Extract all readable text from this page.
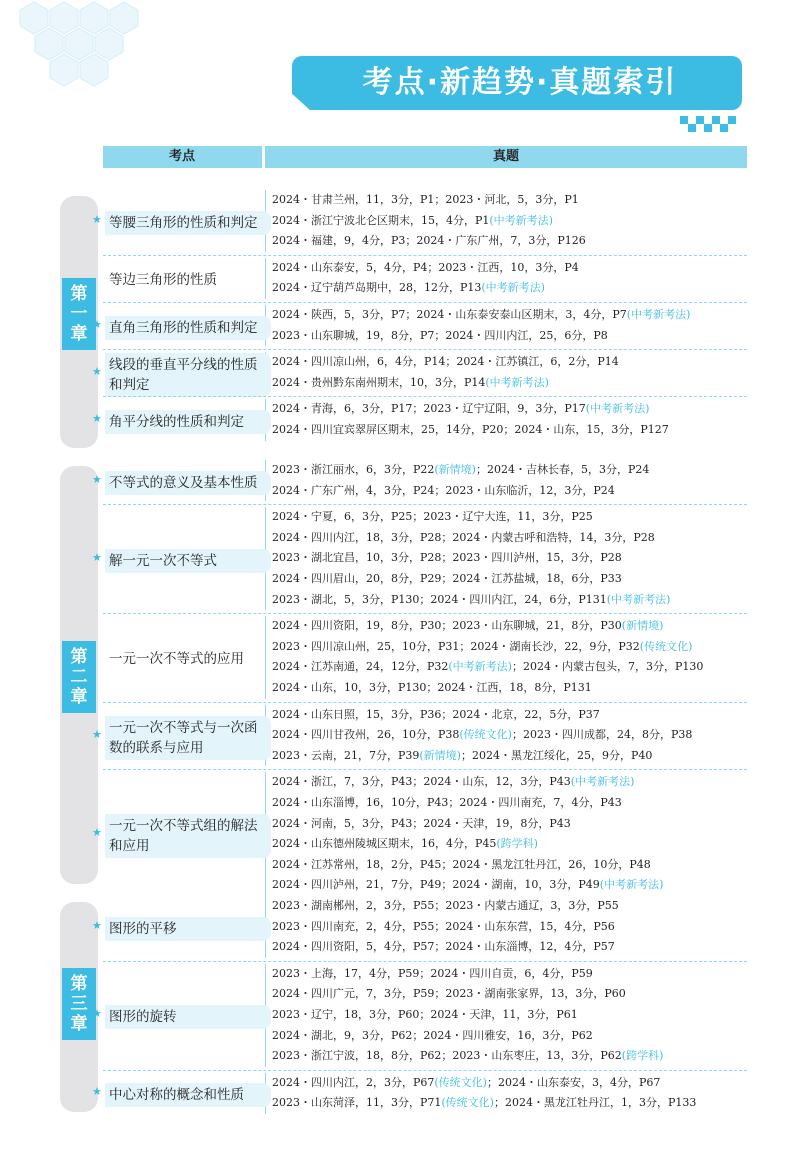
考点·新趋势·真题索引
考点	真题
第
一
章
等腰三角形的性质和判定
★
2024・甘肃兰州，11，3分，P1；2023・河北，5，3分，P1
2024・浙江宁波北仑区期末，15，4分，P1(中考新考法)
2024・福建，9，4分，P3；2024・广东广州，7，3分，P126
等边三角形的性质
2024・山东泰安，5，4分，P4；2023・江西，10，3分，P4
2024・辽宁葫芦岛期中，28，12分，P13(中考新考法)
直角三角形的性质和判定
★
2024・陕西，5，3分，P7；2024・山东泰安泰山区期末，3，4分，P7(中考新考法)
2023・山东聊城，19，8分，P7；2024・四川内江，25，6分，P8
线段的垂直平分线的性质和判定
★
2024・四川凉山州，6，4分，P14；2024・江苏镇江，6，2分，P14
2024・贵州黔东南州期末，10，3分，P14(中考新考法)
角平分线的性质和判定
★
2024・青海，6，3分，P17；2023・辽宁辽阳，9，3分，P17(中考新考法)
2024・四川宜宾翠屏区期末，25，14分，P20；2024・山东，15，3分，P127
第
二
章
不等式的意义及基本性质
★
2023・浙江丽水，6，3分，P22(新情境)；2024・吉林长春，5，3分，P24
2024・广东广州，4，3分，P24；2023・山东临沂，12，3分，P24
解一元一次不等式
★
2024・宁夏，6，3分，P25；2023・辽宁大连，11，3分，P25
2024・四川内江，18，3分，P28；2024・内蒙古呼和浩特，14，3分，P28
2023・湖北宜昌，10，3分，P28；2023・四川泸州，15，3分，P28
2024・四川眉山，20，8分，P29；2024・江苏盐城，18，6分，P33
2023・湖北，5，3分，P130；2024・四川内江，24，6分，P131(中考新考法)
一元一次不等式的应用
2024・四川资阳，19，8分，P30；2023・山东聊城，21，8分，P30(新情境)
2023・四川凉山州，25，10分，P31；2024・湖南长沙，22，9分，P32(传统文化)
2024・江苏南通，24，12分，P32(中考新考法)；2024・内蒙古包头，7，3分，P130
2024・山东，10，3分，P130；2024・江西，18，8分，P131
一元一次不等式与一次函数的联系与应用
★
2024・山东日照，15，3分，P36；2024・北京，22，5分，P37
2024・四川甘孜州，26，10分，P38(传统文化)；2023・四川成都，24，8分，P38
2023・云南，21，7分，P39(新情境)；2024・黑龙江绥化，25，9分，P40
一元一次不等式组的解法和应用
★
2024・浙江，7，3分，P43；2024・山东，12，3分，P43(中考新考法)
2024・山东淄博，16，10分，P43；2024・四川南充，7，4分，P43
2024・河南，5，3分，P43；2024・天津，19，8分，P43
2024・山东德州陵城区期末，16，4分，P45(跨学科)
2024・江苏常州，18，2分，P45；2024・黑龙江牡丹江，26，10分，P48
2024・四川泸州，21，7分，P49；2024・湖南，10，3分，P49(中考新考法)
第
三
章
图形的平移
★
2023・湖南郴州，2，3分，P55；2023・内蒙古通辽，3，3分，P55
2023・四川南充，2，4分，P55；2024・山东东营，15，4分，P56
2024・四川资阳，5，4分，P57；2024・山东淄博，12，4分，P57
图形的旋转
★
2023・上海，17，4分，P59；2024・四川自贡，6，4分，P59
2024・四川广元，7，3分，P59；2023・湖南张家界，13，3分，P60
2023・辽宁，18，3分，P60；2024・天津，11，3分，P61
2024・湖北，9，3分，P62；2024・四川雅安，16，3分，P62
2023・浙江宁波，18，8分，P62；2023・山东枣庄，13，3分，P62(跨学科)
中心对称的概念和性质
★
2024・四川内江，2，3分，P67(传统文化)；2024・山东泰安，3，4分，P67
2023・山东菏泽，11，3分，P71(传统文化)；2024・黑龙江牡丹江，1，3分，P133
